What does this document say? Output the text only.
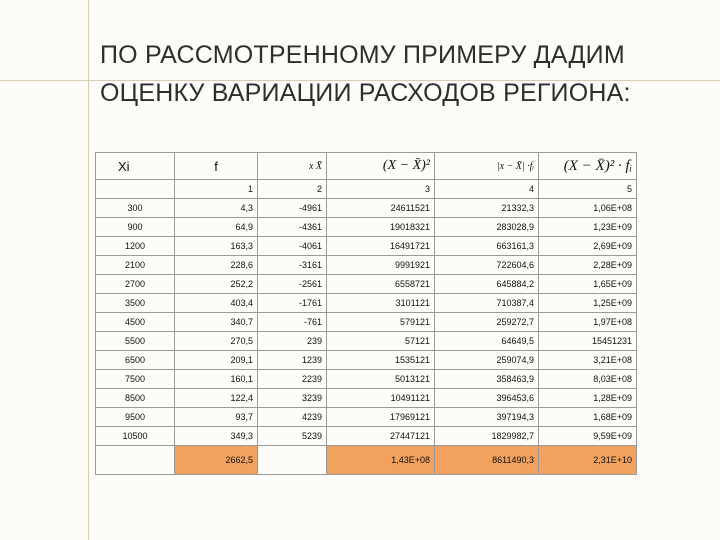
ПО РАССМОТРЕННОМУ ПРИМЕРУ ДАДИМ
ОЦЕНКУ ВАРИАЦИИ РАСХОДОВ РЕГИОНА:
Xi	f	x X̄	(X − X̄)²	|x − X̄| ·fᵢ	(X − X̄)² · fᵢ
	1	2	3	4	5
300	4,3	-4961	24611521	21332,3	1,06E+08
900	64,9	-4361	19018321	283028,9	1,23E+09
1200	163,3	-4061	16491721	663161,3	2,69E+09
2100	228,6	-3161	9991921	722604,6	2,28E+09
2700	252,2	-2561	6558721	645884,2	1,65E+09
3500	403,4	-1761	3101121	710387,4	1,25E+09
4500	340,7	-761	579121	259272,7	1,97E+08
5500	270,5	239	57121	64649,5	15451231
6500	209,1	1239	1535121	259074,9	3,21E+08
7500	160,1	2239	5013121	358463,9	8,03E+08
8500	122,4	3239	10491121	396453,6	1,28E+09
9500	93,7	4239	17969121	397194,3	1,68E+09
10500	349,3	5239	27447121	1829982,7	9,59E+09
	2662,5		1,43E+08	8611490,3	2,31E+10
